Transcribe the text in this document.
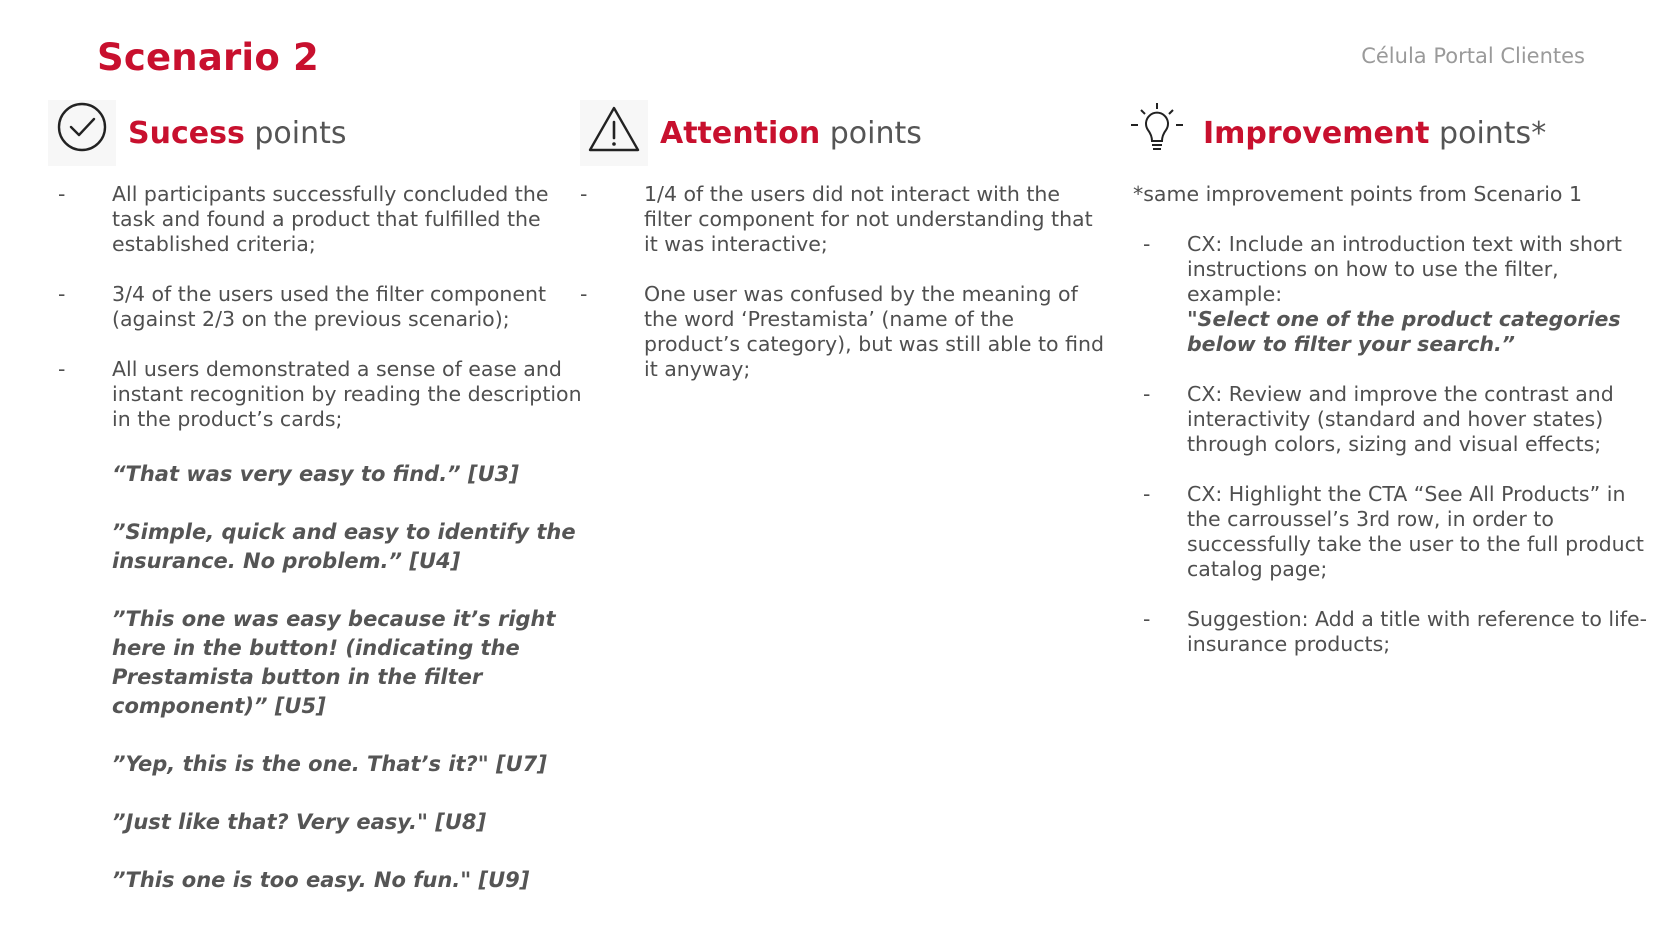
Scenario 2	Célula Portal Clientes
Sucess points
- All participants successfully concluded the task and found a product that fulfilled the established criteria;
- 3/4 of the users used the filter component (against 2/3 on the previous scenario);
- All users demonstrated a sense of ease and instant recognition by reading the description in the product’s cards;
“That was very easy to find.” [U3]
”Simple, quick and easy to identify the insurance. No problem.” [U4]
”This one was easy because it’s right here in the button! (indicating the Prestamista button in the filter component)” [U5]
”Yep, this is the one. That’s it?" [U7]
”Just like that? Very easy." [U8]
”This one is too easy. No fun." [U9]
Attention points
-	1/4 of the users did not interact with the filter component for not understanding that it was interactive;
-	One user was confused by the meaning of the word ‘Prestamista’ (name of the product’s category), but was still able to find it anyway;
Improvement points*
*same improvement points from Scenario 1
- CX: Include an introduction text with short instructions on how to use the filter, example:
"Select one of the product categories below to filter your search.”
- CX: Review and improve the contrast and interactivity (standard and hover states) through colors, sizing and visual effects;
- CX: Highlight the CTA “See All Products” in the carroussel’s 3rd row, in order to successfully take the user to the full product catalog page;
- Suggestion: Add a title with reference to life-insurance products;
